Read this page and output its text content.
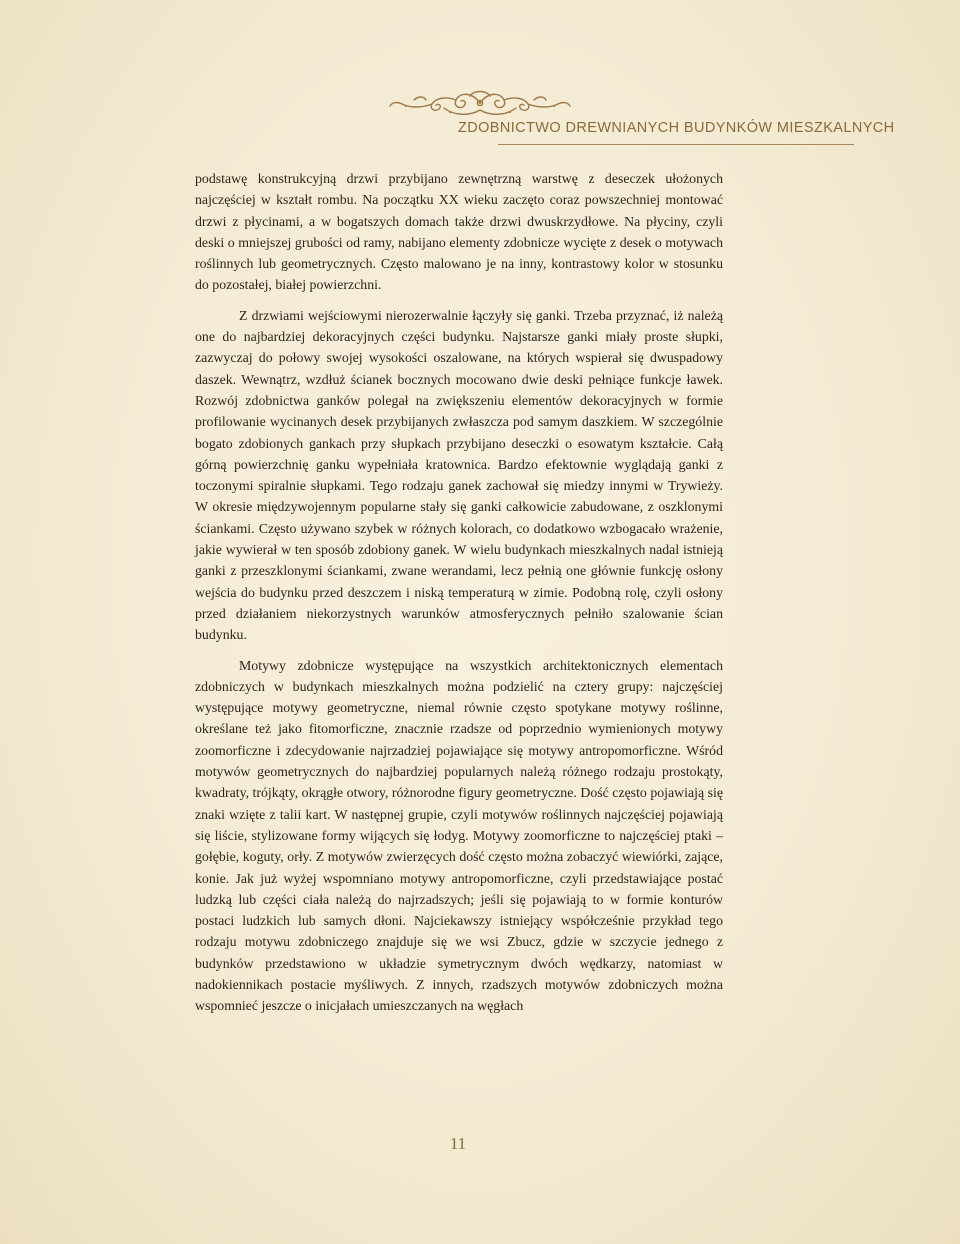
ZDOBNICTWO DREWNIANYCH BUDYNKÓW MIESZKALNYCH

podstawę konstrukcyjną drzwi przybijano zewnętrzną warstwę z deseczek ułożonych najczęściej w kształt rombu. Na początku XX wieku zaczęto coraz powszechniej montować drzwi z płycinami, a w bogatszych domach także drzwi dwuskrzydłowe. Na płyciny, czyli deski o mniejszej grubości od ramy, nabijano elementy zdobnicze wycięte z desek o motywach roślinnych lub geometrycznych. Często malowano je na inny, kontrastowy kolor w stosunku do pozostałej, białej powierzchni.

Z drzwiami wejściowymi nierozerwalnie łączyły się ganki. Trzeba przyznać, iż należą one do najbardziej dekoracyjnych części budynku. Najstarsze ganki miały proste słupki, zazwyczaj do połowy swojej wysokości oszalowane, na których wspierał się dwuspadowy daszek. Wewnątrz, wzdłuż ścianek bocznych mocowano dwie deski pełniące funkcje ławek. Rozwój zdobnictwa ganków polegał na zwiększeniu elementów dekoracyjnych w formie profilowanie wycinanych desek przybijanych zwłaszcza pod samym daszkiem. W szczególnie bogato zdobionych gankach przy słupkach przybijano deseczki o esowatym kształcie. Całą górną powierzchnię ganku wypełniała kratownica. Bardzo efektownie wyglądają ganki z toczonymi spiralnie słupkami. Tego rodzaju ganek zachował się miedzy innymi w Trywieży. W okresie międzywojennym popularne stały się ganki całkowicie zabudowane, z oszklonymi ściankami. Często używano szybek w różnych kolorach, co dodatkowo wzbogacało wrażenie, jakie wywierał w ten sposób zdobiony ganek. W wielu budynkach mieszkalnych nadal istnieją ganki z przeszklonymi ściankami, zwane werandami, lecz pełnią one głównie funkcję osłony wejścia do budynku przed deszczem i niską temperaturą w zimie. Podobną rolę, czyli osłony przed działaniem niekorzystnych warunków atmosferycznych pełniło szalowanie ścian budynku.

Motywy zdobnicze występujące na wszystkich architektonicznych elementach zdobniczych w budynkach mieszkalnych można podzielić na cztery grupy: najczęściej występujące motywy geometryczne, niemal równie często spotykane motywy roślinne, określane też jako fitomorficzne, znacznie rzadsze od poprzednio wymienionych motywy zoomorficzne i zdecydowanie najrzadziej pojawiające się motywy antropomorficzne. Wśród motywów geometrycznych do najbardziej popularnych należą różnego rodzaju prostokąty, kwadraty, trójkąty, okrągłe otwory, różnorodne figury geometryczne. Dość często pojawiają się znaki wzięte z talii kart. W następnej grupie, czyli motywów roślinnych najczęściej pojawiają się liście, stylizowane formy wijących się łodyg. Motywy zoomorficzne to najczęściej ptaki – gołębie, koguty, orły. Z motywów zwierzęcych dość często można zobaczyć wiewiórki, zające, konie. Jak już wyżej wspomniano motywy antropomorficzne, czyli przedstawiające postać ludzką lub części ciała należą do najrzadszych; jeśli się pojawiają to w formie konturów postaci ludzkich lub samych dłoni. Najciekawszy istniejący współcześnie przykład tego rodzaju motywu zdobniczego znajduje się we wsi Zbucz, gdzie w szczycie jednego z budynków przedstawiono w układzie symetrycznym dwóch wędkarzy, natomiast w nadokiennikach postacie myśliwych. Z innych, rzadszych motywów zdobniczych można wspomnieć jeszcze o inicjałach umieszczanych na węgłach

11
